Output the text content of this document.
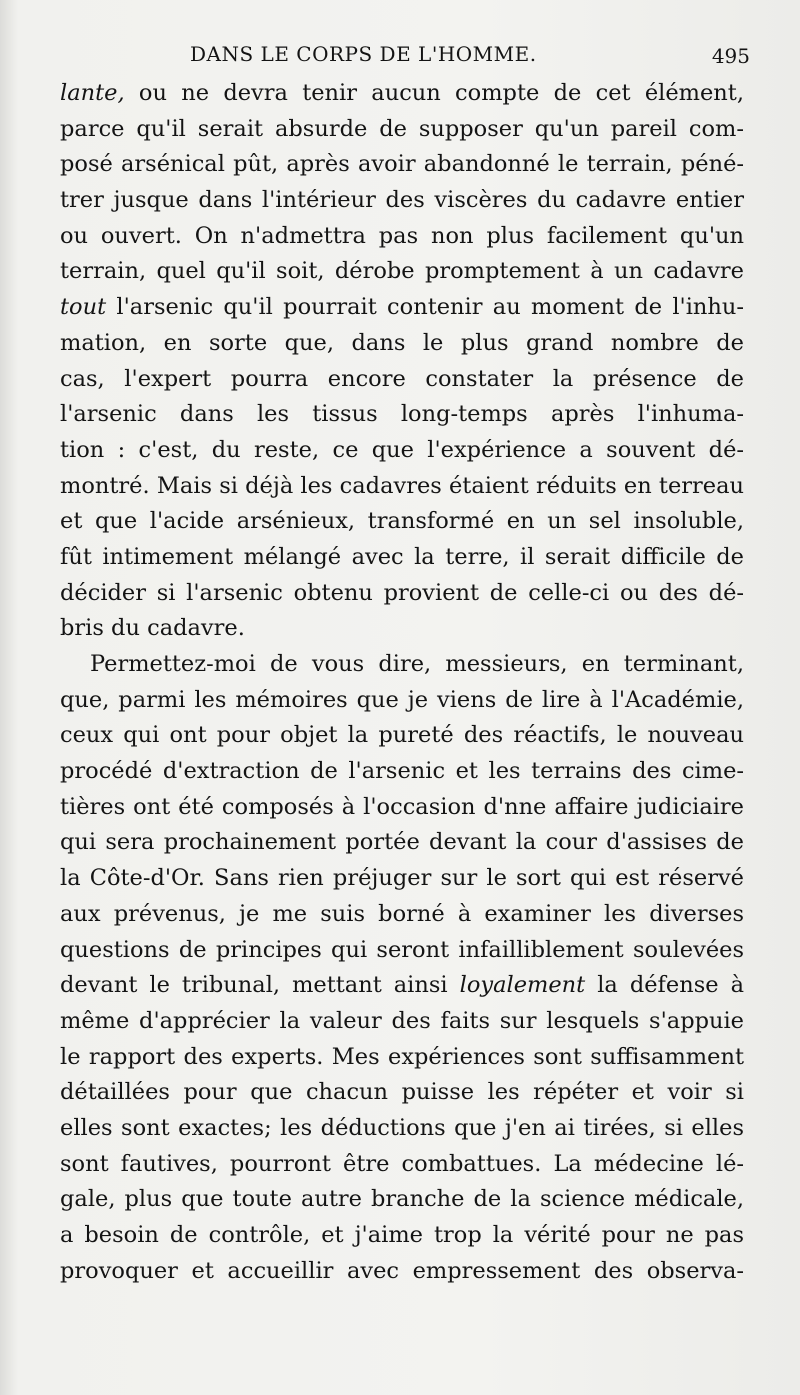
DANS LE CORPS DE L'HOMME.	495
lante, ou ne devra tenir aucun compte de cet élément,
parce qu'il serait absurde de supposer qu'un pareil com-
posé arsénical pût, après avoir abandonné le terrain, péné-
trer jusque dans l'intérieur des viscères du cadavre entier
ou ouvert. On n'admettra pas non plus facilement qu'un
terrain, quel qu'il soit, dérobe promptement à un cadavre
tout l'arsenic qu'il pourrait contenir au moment de l'inhu-
mation, en sorte que, dans le plus grand nombre de
cas, l'expert pourra encore constater la présence de
l'arsenic dans les tissus long-temps après l'inhuma-
tion : c'est, du reste, ce que l'expérience a souvent dé-
montré. Mais si déjà les cadavres étaient réduits en terreau
et que l'acide arsénieux, transformé en un sel insoluble,
fût intimement mélangé avec la terre, il serait difficile de
décider si l'arsenic obtenu provient de celle-ci ou des dé-
bris du cadavre.
Permettez-moi de vous dire, messieurs, en terminant,
que, parmi les mémoires que je viens de lire à l'Académie,
ceux qui ont pour objet la pureté des réactifs, le nouveau
procédé d'extraction de l'arsenic et les terrains des cime-
tières ont été composés à l'occasion d'nne affaire judiciaire
qui sera prochainement portée devant la cour d'assises de
la Côte-d'Or. Sans rien préjuger sur le sort qui est réservé
aux prévenus, je me suis borné à examiner les diverses
questions de principes qui seront infailliblement soulevées
devant le tribunal, mettant ainsi loyalement la défense à
même d'apprécier la valeur des faits sur lesquels s'appuie
le rapport des experts. Mes expériences sont suffisamment
détaillées pour que chacun puisse les répéter et voir si
elles sont exactes; les déductions que j'en ai tirées, si elles
sont fautives, pourront être combattues. La médecine lé-
gale, plus que toute autre branche de la science médicale,
a besoin de contrôle, et j'aime trop la vérité pour ne pas
provoquer et accueillir avec empressement des observa-
